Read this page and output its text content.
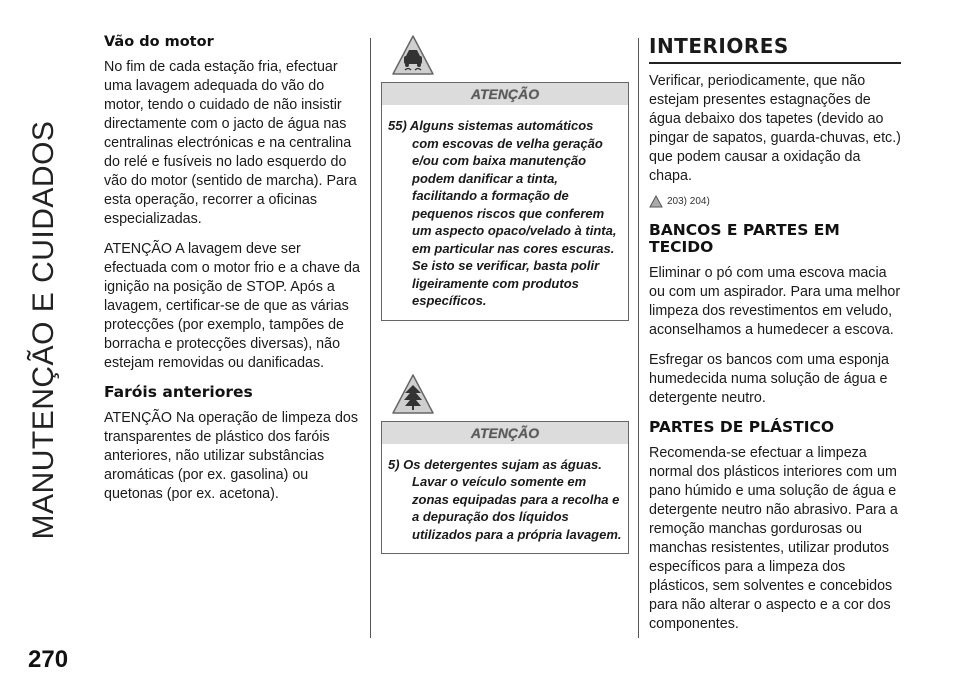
MANUTENÇÃO E CUIDADOS
270
Vão do motor

No fim de cada estação fria, efectuar uma lavagem adequada do vão do motor, tendo o cuidado de não insistir directamente com o jacto de água nas centralinas electrónicas e na centralina do relé e fusíveis no lado esquerdo do vão do motor (sentido de marcha). Para esta operação, recorrer a oficinas especializadas.

ATENÇÃO A lavagem deve ser efectuada com o motor frio e a chave da ignição na posição de STOP. Após a lavagem, certificar-se de que as várias protecções (por exemplo, tampões de borracha e protecções diversas), não estejam removidas ou danificadas.

Faróis anteriores

ATENÇÃO Na operação de limpeza dos transparentes de plástico dos faróis anteriores, não utilizar substâncias aromáticas (por ex. gasolina) ou quetonas (por ex. acetona).

ATENÇÃO
55) Alguns sistemas automáticos com escovas de velha geração e/ou com baixa manutenção podem danificar a tinta, facilitando a formação de pequenos riscos que conferem um aspecto opaco/velado à tinta, em particular nas cores escuras. Se isto se verificar, basta polir ligeiramente com produtos específicos.
ATENÇÃO
5) Os detergentes sujam as águas. Lavar o veículo somente em zonas equipadas para a recolha e a depuração dos líquidos utilizados para a própria lavagem.
INTERIORES

Verificar, periodicamente, que não estejam presentes estagnações de água debaixo dos tapetes (devido ao pingar de sapatos, guarda-chuvas, etc.) que podem causar a oxidação da chapa.

203) 204)
BANCOS E PARTES EM TECIDO

Eliminar o pó com uma escova macia ou com um aspirador. Para uma melhor limpeza dos revestimentos em veludo, aconselhamos a humedecer a escova.

Esfregar os bancos com uma esponja humedecida numa solução de água e detergente neutro.

PARTES DE PLÁSTICO

Recomenda-se efectuar a limpeza normal dos plásticos interiores com um pano húmido e uma solução de água e detergente neutro não abrasivo. Para a remoção manchas gordurosas ou manchas resistentes, utilizar produtos específicos para a limpeza dos plásticos, sem solventes e concebidos para não alterar o aspecto e a cor dos componentes.
